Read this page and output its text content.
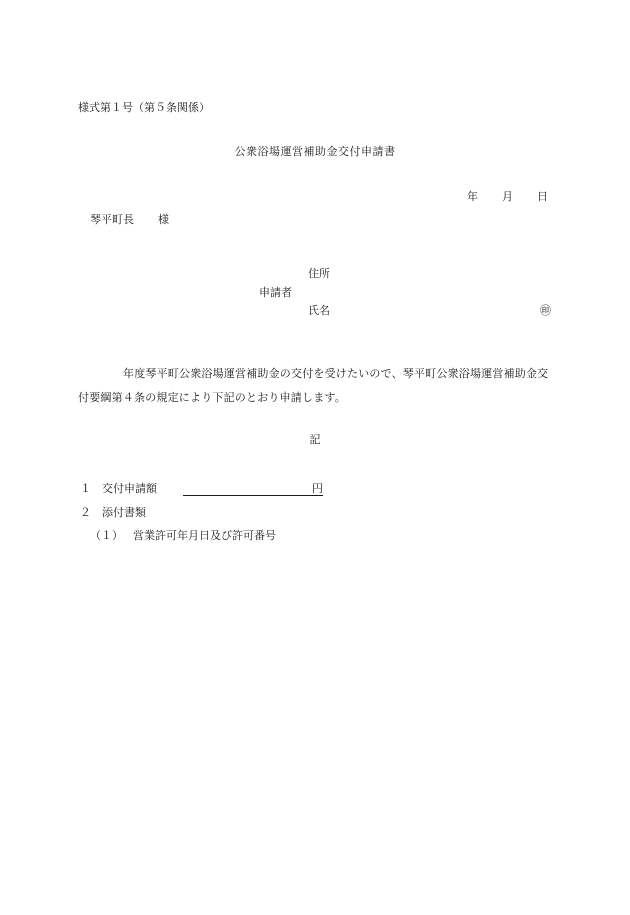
様式第１号（第５条関係）
公衆浴場運営補助金交付申請書
年 月 日
琴平町長 様
住所
申請者
氏名	㊞
年度琴平町公衆浴場運営補助金の交付を受けたいので、琴平町公衆浴場運営補助金交付要綱第４条の規定により下記のとおり申請します。
記
１ 交付申請額	円
２ 添付書類
（１） 営業許可年月日及び許可番号
